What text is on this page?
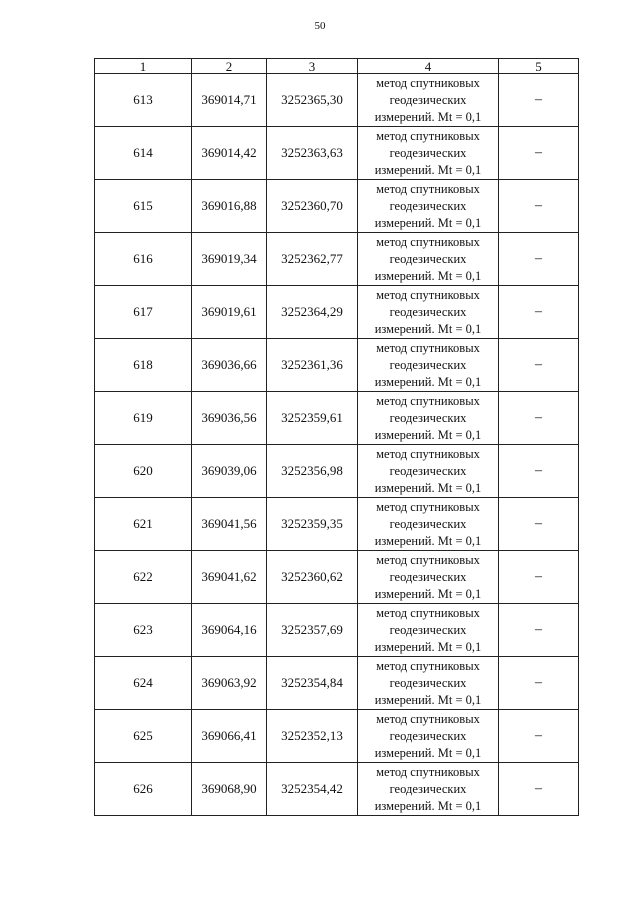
50
1	2	3	4	5
613	369014,71	3252365,30	метод спутниковых
геодезических
измерений. Mt = 0,1	–
614	369014,42	3252363,63	метод спутниковых
геодезических
измерений. Mt = 0,1	–
615	369016,88	3252360,70	метод спутниковых
геодезических
измерений. Mt = 0,1	–
616	369019,34	3252362,77	метод спутниковых
геодезических
измерений. Mt = 0,1	–
617	369019,61	3252364,29	метод спутниковых
геодезических
измерений. Mt = 0,1	–
618	369036,66	3252361,36	метод спутниковых
геодезических
измерений. Mt = 0,1	–
619	369036,56	3252359,61	метод спутниковых
геодезических
измерений. Mt = 0,1	–
620	369039,06	3252356,98	метод спутниковых
геодезических
измерений. Mt = 0,1	–
621	369041,56	3252359,35	метод спутниковых
геодезических
измерений. Mt = 0,1	–
622	369041,62	3252360,62	метод спутниковых
геодезических
измерений. Mt = 0,1	–
623	369064,16	3252357,69	метод спутниковых
геодезических
измерений. Mt = 0,1	–
624	369063,92	3252354,84	метод спутниковых
геодезических
измерений. Mt = 0,1	–
625	369066,41	3252352,13	метод спутниковых
геодезических
измерений. Mt = 0,1	–
626	369068,90	3252354,42	метод спутниковых
геодезических
измерений. Mt = 0,1	–
